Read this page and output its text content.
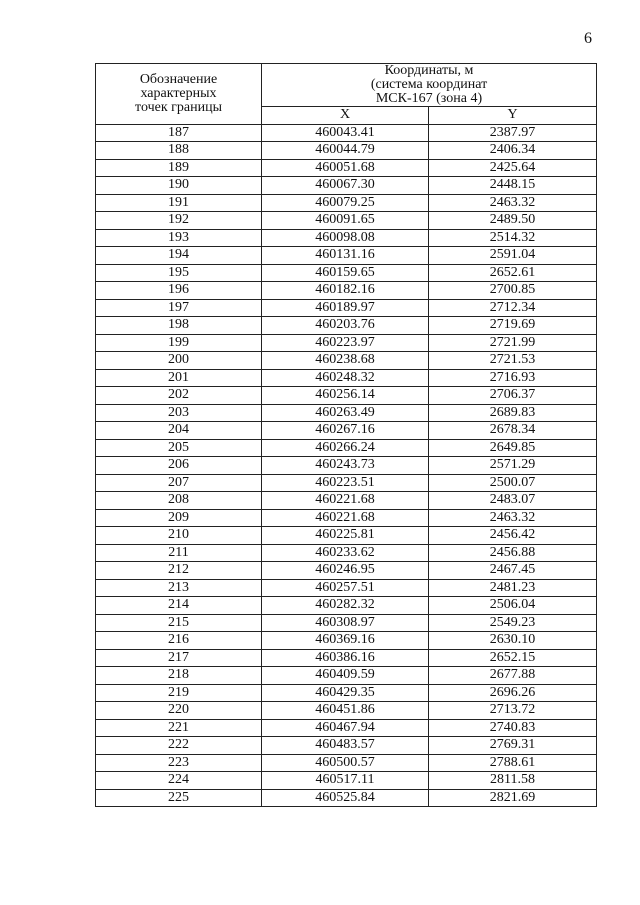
6
Обозначение
характерных
точек границы	Координаты, м
(система координат
МСК-167 (зона 4)	

	X	Y
187	460043.41	2387.97
188	460044.79	2406.34
189	460051.68	2425.64
190	460067.30	2448.15
191	460079.25	2463.32
192	460091.65	2489.50
193	460098.08	2514.32
194	460131.16	2591.04
195	460159.65	2652.61
196	460182.16	2700.85
197	460189.97	2712.34
198	460203.76	2719.69
199	460223.97	2721.99
200	460238.68	2721.53
201	460248.32	2716.93
202	460256.14	2706.37
203	460263.49	2689.83
204	460267.16	2678.34
205	460266.24	2649.85
206	460243.73	2571.29
207	460223.51	2500.07
208	460221.68	2483.07
209	460221.68	2463.32
210	460225.81	2456.42
211	460233.62	2456.88
212	460246.95	2467.45
213	460257.51	2481.23
214	460282.32	2506.04
215	460308.97	2549.23
216	460369.16	2630.10
217	460386.16	2652.15
218	460409.59	2677.88
219	460429.35	2696.26
220	460451.86	2713.72
221	460467.94	2740.83
222	460483.57	2769.31
223	460500.57	2788.61
224	460517.11	2811.58
225	460525.84	2821.69
